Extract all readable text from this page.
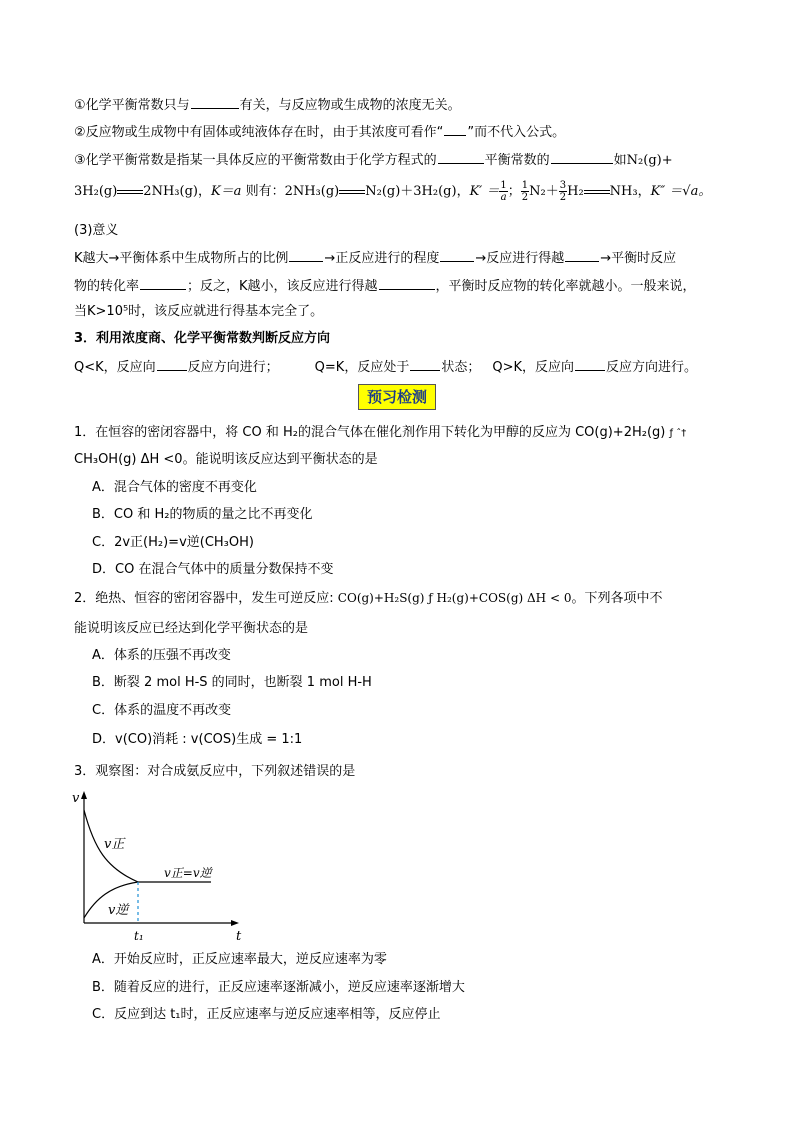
①化学平衡常数只与	有关，与反应物或生成物的浓度无关。
②反应物或生成物中有固体或纯液体存在时，由于其浓度可看作“ ”而不代入公式。
③化学平衡常数是指某一具体反应的平衡常数由于化学方程式的	平衡常数的	如N₂(g)+
3H₂(g) 2NH₃(g)，K＝a 则有：2NH₃(g) N₂(g)＋3H₂(g)，$K' = \frac{1}{a}$ ； $\frac{1}{2} N_2+ \frac{3}{2} H_2$ NH₃，K″ ＝√a。
(3)意义
K越大→平衡体系中生成物所占的比例	→正反应进行的程度	→反应进行得越	→平衡时反应
物的转化率	；反之，K越小，该反应进行得越	，平衡时反应物的转化率就越小。一般来说，
当K>10⁵时，该反应就进行得基本完全了。
3．利用浓度商、化学平衡常数判断反应方向
Q<K，反应向 反应方向进行；	Q=K，反应处于 状态； Q>K，反应向 反应方向进行。
预习检测
1．在恒容的密闭容器中，将 CO 和 H₂的混合气体在催化剂作用下转化为甲醇的反应为 CO(g)+2H₂(g) ƒ ˆ†
CH₃OH(g) ΔH <0。能说明该反应达到平衡状态的是
A．混合气体的密度不再变化
B．CO 和 H₂的物质的量之比不再变化
C．2v正(H₂)=v逆(CH₃OH)
D．CO 在混合气体中的质量分数保持不变
2．绝热、恒容的密闭容器中，发生可逆反应: CO(g)+H₂S(g) ƒ H₂(g)+COS(g) ΔH < 0。下列各项中不
能说明该反应已经达到化学平衡状态的是
A．体系的压强不再改变
B．断裂 2 mol H-S 的同时，也断裂 1 mol H-H
C．体系的温度不再改变
D．v(CO)消耗 : v(COS)生成 = 1:1
3．观察图：对合成氨反应中，下列叙述错误的是
v
t
v正
v逆
v正=v逆
t₁
A．开始反应时，正反应速率最大，逆反应速率为零
B．随着反应的进行，正反应速率逐渐减小，逆反应速率逐渐增大
C．反应到达 t₁时，正反应速率与逆反应速率相等，反应停止
